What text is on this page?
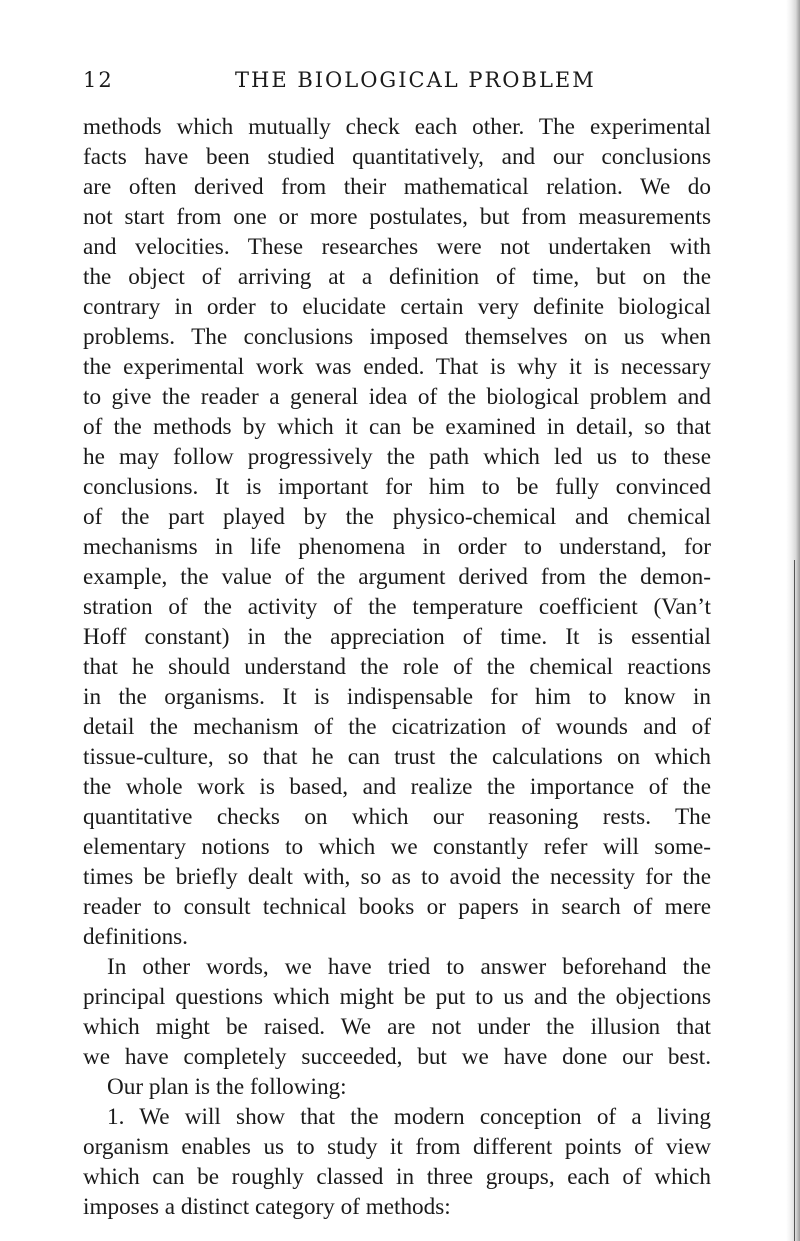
12	THE BIOLOGICAL PROBLEM
methods which mutually check each other. The experimental
facts have been studied quantitatively, and our conclusions
are often derived from their mathematical relation. We do
not start from one or more postulates, but from measurements
and velocities. These researches were not undertaken with
the object of arriving at a definition of time, but on the
contrary in order to elucidate certain very definite biological
problems. The conclusions imposed themselves on us when
the experimental work was ended. That is why it is necessary
to give the reader a general idea of the biological problem and
of the methods by which it can be examined in detail, so that
he may follow progressively the path which led us to these
conclusions. It is important for him to be fully convinced
of the part played by the physico-chemical and chemical
mechanisms in life phenomena in order to understand, for
example, the value of the argument derived from the demon-
stration of the activity of the temperature coefficient (Van’t
Hoff constant) in the appreciation of time. It is essential
that he should understand the role of the chemical reactions
in the organisms. It is indispensable for him to know in
detail the mechanism of the cicatrization of wounds and of
tissue-culture, so that he can trust the calculations on which
the whole work is based, and realize the importance of the
quantitative checks on which our reasoning rests. The
elementary notions to which we constantly refer will some-
times be briefly dealt with, so as to avoid the necessity for the
reader to consult technical books or papers in search of mere
definitions.
In other words, we have tried to answer beforehand the
principal questions which might be put to us and the objections
which might be raised. We are not under the illusion that
we have completely succeeded, but we have done our best.
Our plan is the following:
1. We will show that the modern conception of a living
organism enables us to study it from different points of view
which can be roughly classed in three groups, each of which
imposes a distinct category of methods:
